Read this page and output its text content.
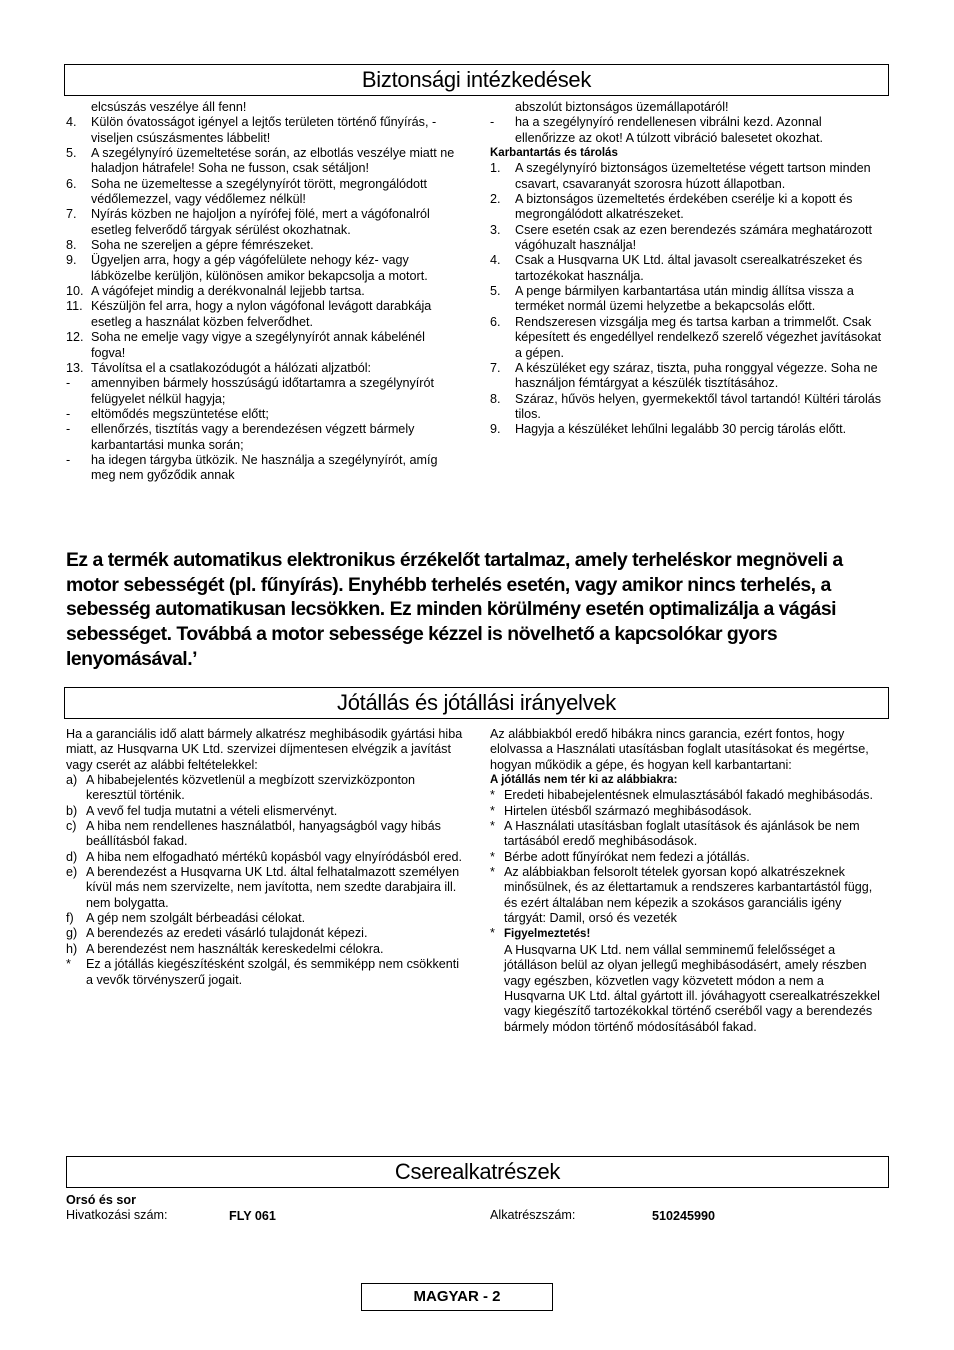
Biztonsági intézkedések
elcsúszás veszélye áll fenn!
4.	Külön óvatosságot igényel a lejtős területen történő fűnyírás, - viseljen csúszásmentes lábbelit!
5.	A szegélynyíró üzemeltetése során, az elbotlás veszélye miatt ne haladjon hátrafele! Soha ne fusson, csak sétáljon!
6.	Soha ne üzemeltesse a szegélynyírót törött, megrongálódott védőlemezzel, vagy védőlemez nélkül!
7.	Nyírás közben ne hajoljon a nyírófej fölé, mert a vágófonalról esetleg felverődő tárgyak sérülést okozhatnak.
8.	Soha ne szereljen a gépre fémrészeket.
9.	Ügyeljen arra, hogy a gép vágófelülete nehogy kéz- vagy lábközelbe kerüljön, különösen amikor bekapcsolja a motort.
10. A vágófejet mindig a derékvonalnál lejjebb tartsa.
11. Készüljön fel arra, hogy a nylon vágófonal levágott darabkája esetleg a használat közben felverődhet.
12. Soha ne emelje vagy vigye a szegélynyírót annak kábelénél fogva!
13. Távolítsa el a csatlakozódugót a hálózati aljzatból:
-	amennyiben bármely hosszúságú időtartamra a szegélynyírót felügyelet nélkül hagyja;
-	eltömődés megszüntetése előtt;
-	ellenőrzés, tisztítás vagy a berendezésen végzett bármely karbantartási munka során;
-	ha idegen tárgyba ütközik. Ne használja a szegélynyírót, amíg meg nem győződik annak
abszolút biztonságos üzemállapotáról!
-	ha a szegélynyíró rendellenesen vibrálni kezd. Azonnal ellenőrizze az okot! A túlzott vibráció balesetet okozhat.
Karbantartás és tárolás
1.	A szegélynyíró biztonságos üzemeltetése végett tartson minden csavart, csavaranyát szorosra húzott állapotban.
2.	A biztonságos üzemeltetés érdekében cserélje ki a kopott és megrongálódott alkatrészeket.
3.	Csere esetén csak az ezen berendezés számára meghatározott vágóhuzalt használja!
4.	Csak a Husqvarna UK Ltd. által javasolt cserealkatrészeket és tartozékokat használja.
5.	A penge bármilyen karbantartása után mindig állítsa vissza a terméket normál üzemi helyzetbe a bekapcsolás előtt.
6.	Rendszeresen vizsgálja meg és tartsa karban a trimmelőt. Csak képesített és engedéllyel rendelkező szerelő végezhet javításokat a gépen.
7.	A készüléket egy száraz, tiszta, puha ronggyal végezze. Soha ne használjon fémtárgyat a készülék tisztításához.
8.	Száraz, hűvös helyen, gyermekektől távol tartandó! Kültéri tárolás tilos.
9.	Hagyja a készüléket lehűlni legalább 30 percig tárolás előtt.
Ez a termék automatikus elektronikus érzékelőt tartalmaz, amely terheléskor megnöveli a motor sebességét (pl. fűnyírás). Enyhébb terhelés esetén, vagy amikor nincs terhelés, a sebesség automatikusan lecsökken. Ez minden körülmény esetén optimalizálja a vágási sebességet. Továbbá a motor sebessége kézzel is növelhető a kapcsolókar gyors lenyomásával.’
Jótállás és jótállási irányelvek
Ha a garanciális idő alatt bármely alkatrész meghibásodik gyártási hiba miatt, az Husqvarna UK Ltd. szervizei díjmentesen elvégzik a javítást vagy cserét az alábbi feltételekkel:
a) A hibabejelentés közvetlenül a megbízott szervizközponton keresztül történik.
b) A vevő fel tudja mutatni a vételi elismervényt.
c) A hiba nem rendellenes használatból, hanyagságból vagy hibás beállításból fakad.
d) A hiba nem elfogadható mértékû kopásból vagy elnyíródásból ered.
e) A berendezést a Husqvarna UK Ltd. által felhatalmazott személyen kívül más nem szervizelte, nem javította, nem szedte darabjaira ill. nem bolygatta.
f) A gép nem szolgált bérbeadási célokat.
g) A berendezés az eredeti vásárló tulajdonát képezi.
h) A berendezést nem használták kereskedelmi célokra.
*	Ez a jótállás kiegészítésként szolgál, és semmiképp nem csökkenti a vevők törvényszerű jogait.
Az alábbiakból eredő hibákra nincs garancia, ezért fontos, hogy elolvassa a Használati utasításban foglalt utasításokat és megértse, hogyan működik a gépe, és hogyan kell karbantartani:
A jótállás nem tér ki az alábbiakra:
* Eredeti hibabejelentésnek elmulasztásából fakadó meghibásodás.
* Hirtelen ütésből származó meghibásodások.
* A Használati utasításban foglalt utasítások és ajánlások be nem tartásából eredő meghibásodások.
* Bérbe adott fűnyírókat nem fedezi a jótállás.
* Az alábbiakban felsorolt tételek gyorsan kopó alkatrészeknek minősülnek, és az élettartamuk a rendszeres karbantartástól függ, és ezért általában nem képezik a szokásos garanciális igény tárgyát: Damil, orsó és vezeték
* Figyelmeztetés!
A Husqvarna UK Ltd. nem vállal semminemű felelősséget a jótálláson belül az olyan jellegű meghibásodásért, amely részben vagy egészben, közvetlen vagy közvetett módon a nem a Husqvarna UK Ltd. által gyártott ill. jóváhagyott cserealkatrészekkel vagy kiegészítő tartozékokkal történő cseréből vagy a berendezés bármely módon történő módosításából fakad.
Cserealkatrészek
Orsó és sor
Hivatkozási szám:	FLY 061	Alkatrészszám:	510245990
MAGYAR - 2
